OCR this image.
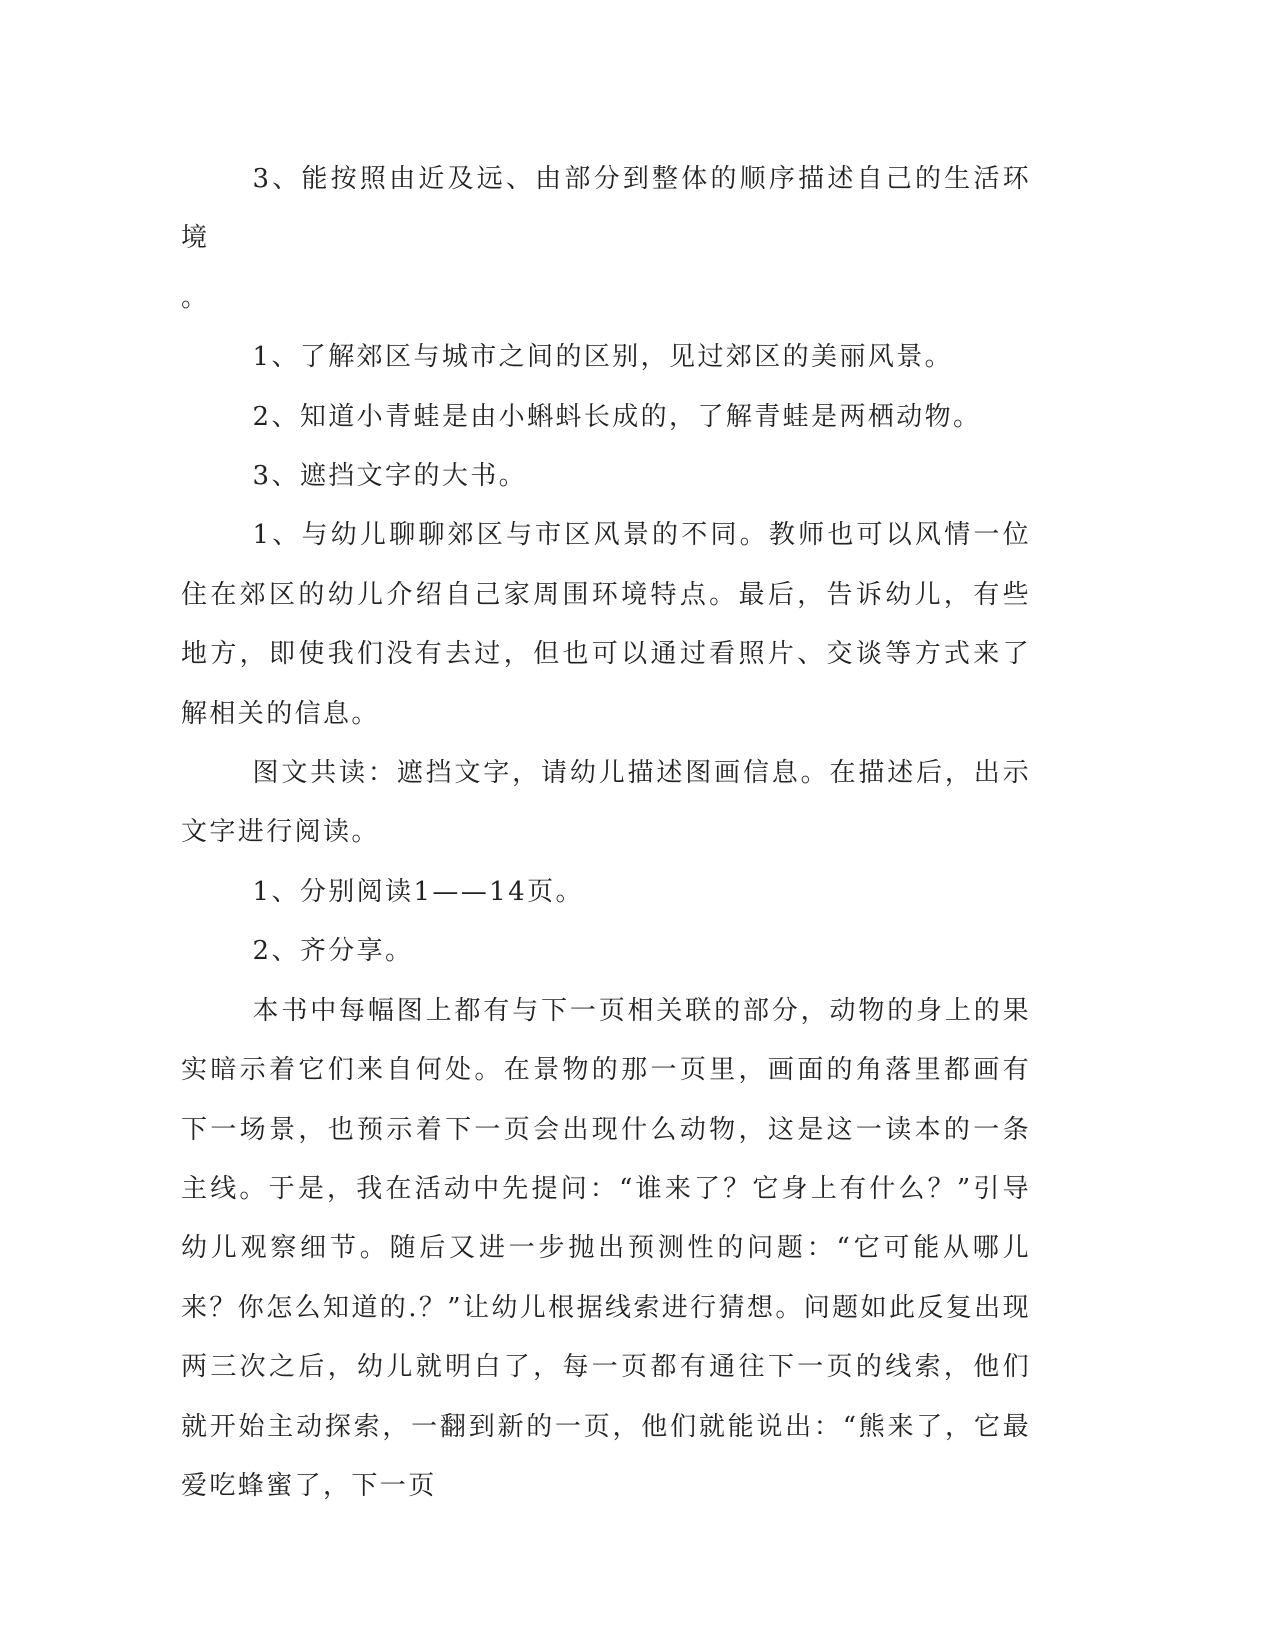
3、能按照由近及远、由部分到整体的顺序描述自己的生活环境

。

1、了解郊区与城市之间的区别，见过郊区的美丽风景。

2、知道小青蛙是由小蝌蚪长成的，了解青蛙是两栖动物。

3、遮挡文字的大书。

1、与幼儿聊聊郊区与市区风景的不同。教师也可以风情一位住在郊区的幼儿介绍自己家周围环境特点。最后，告诉幼儿，有些地方，即使我们没有去过，但也可以通过看照片、交谈等方式来了解相关的信息。

图文共读：遮挡文字，请幼儿描述图画信息。在描述后，出示文字进行阅读。

1、分别阅读1——14页。

2、齐分享。

本书中每幅图上都有与下一页相关联的部分，动物的身上的果实暗示着它们来自何处。在景物的那一页里，画面的角落里都画有下一场景，也预示着下一页会出现什么动物，这是这一读本的一条主线。于是，我在活动中先提问：“谁来了？它身上有什么？”引导幼儿观察细节。随后又进一步抛出预测性的问题：“它可能从哪儿来？你怎么知道的.？”让幼儿根据线索进行猜想。问题如此反复出现两三次之后，幼儿就明白了，每一页都有通往下一页的线索，他们就开始主动探索，一翻到新的一页，他们就能说出：“熊来了，它最爱吃蜂蜜了，下一页
